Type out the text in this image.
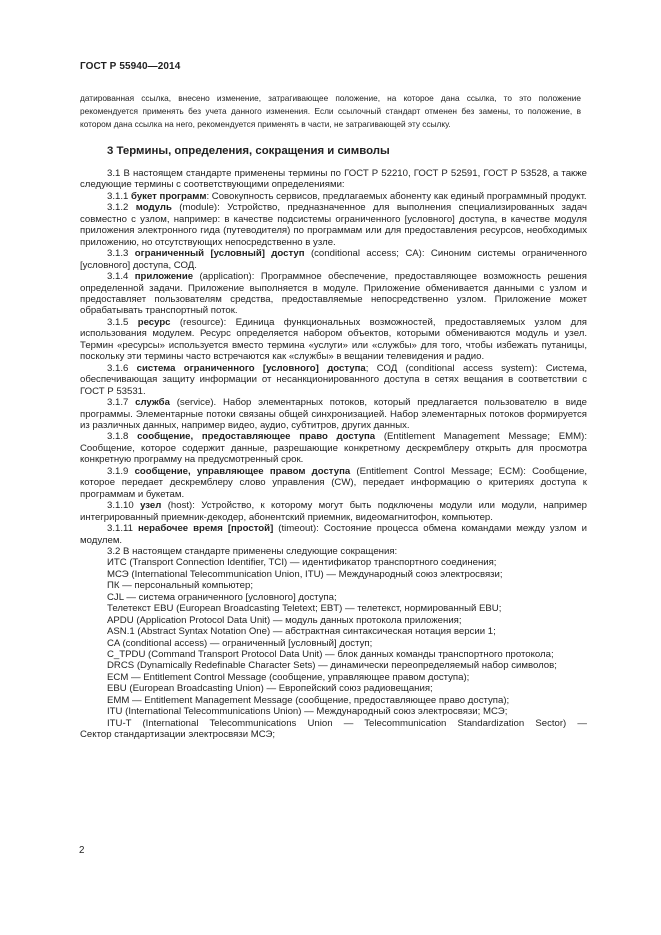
ГОСТ Р 55940—2014
датированная ссылка, внесено изменение, затрагивающее положение, на которое дана ссылка, то это положение рекомендуется применять без учета данного изменения. Если ссылочный стандарт отменен без замены, то положение, в котором дана ссылка на него, рекомендуется применять в части, не затрагивающей эту ссылку.
3 Термины, определения, сокращения и символы

3.1 В настоящем стандарте применены термины по ГОСТ Р 52210, ГОСТ Р 52591, ГОСТ Р 53528, а также следующие термины с соответствующими определениями:

3.1.1 букет программ: Совокупность сервисов, предлагаемых абоненту как единый программный продукт.

3.1.2 модуль (module): Устройство, предназначенное для выполнения специализированных задач совместно с узлом, например: в качестве подсистемы ограниченного [условного] доступа, в качестве модуля приложения электронного гида (путеводителя) по программам или для предоставления ресурсов, необходимых приложению, но отсутствующих непосредственно в узле.

3.1.3 ограниченный [условный] доступ (conditional access; CA): Синоним системы ограниченного [условного] доступа, СОД.

3.1.4 приложение (application): Программное обеспечение, предоставляющее возможность решения определенной задачи. Приложение выполняется в модуле. Приложение обменивается данными с узлом и предоставляет пользователям средства, предоставляемые непосредственно узлом. Приложение может обрабатывать транспортный поток.

3.1.5 ресурс (resource): Единица функциональных возможностей, предоставляемых узлом для использования модулем. Ресурс определяется набором объектов, которыми обмениваются модуль и узел. Термин «ресурсы» используется вместо термина «услуги» или «службы» для того, чтобы избежать путаницы, поскольку эти термины часто встречаются как «службы» в вещании телевидения и радио.

3.1.6 система ограниченного [условного] доступа; СОД (conditional access system): Система, обеспечивающая защиту информации от несанкционированного доступа в сетях вещания в соответствии с ГОСТ Р 53531.

3.1.7 служба (service). Набор элементарных потоков, который предлагается пользователю в виде программы. Элементарные потоки связаны общей синхронизацией. Набор элементарных потоков формируется из различных данных, например видео, аудио, субтитров, других данных.

3.1.8 сообщение, предоставляющее право доступа (Entitlement Management Message; EMM): Сообщение, которое содержит данные, разрешающие конкретному дескремблеру открыть для просмотра конкретную программу на предусмотренный срок.

3.1.9 сообщение, управляющее правом доступа (Entitlement Control Message; ECM): Сообщение, которое передает дескремблеру слово управления (CW), передает информацию о критериях доступа к программам и букетам.

3.1.10 узел (host): Устройство, к которому могут быть подключены модули или модули, например интегрированный приемник-декодер, абонентский приемник, видеомагнитофон, компьютер.

3.1.11 нерабочее время [простой] (timeout): Состояние процесса обмена командами между узлом и модулем.

3.2 В настоящем стандарте применены следующие сокращения:

ИТС (Transport Connection Identifier, TCI) — идентификатор транспортного соединения;

МСЭ (International Telecommunication Union, ITU) — Международный союз электросвязи;

ПК — персональный компьютер;

CJL — система ограниченного [условного] доступа;

Телетекст EBU (European Broadcasting Teletext; EBT) — телетекст, нормированный EBU;

APDU (Application Protocol Data Unit) — модуль данных протокола приложения;

ASN.1 (Abstract Syntax Notation One) — абстрактная синтаксическая нотация версии 1;

CA (conditional access) — ограниченный [условный] доступ;

C_TPDU (Command Transport Protocol Data Unit) — блок данных команды транспортного протокола;

DRCS (Dynamically Redefinable Character Sets) — динамически переопределяемый набор символов;

ECM — Entitlement Control Message (сообщение, управляющее правом доступа);

EBU (European Broadcasting Union) — Европейский союз радиовещания;

EMM — Entitlement Management Message (сообщение, предоставляющее право доступа);

ITU (International Telecommunications Union) — Международный союз электросвязи; МСЭ;

ITU-T (International Telecommunications Union — Telecommunication Standardization Sector) —

Сектор стандартизации электросвязи МСЭ;

2
